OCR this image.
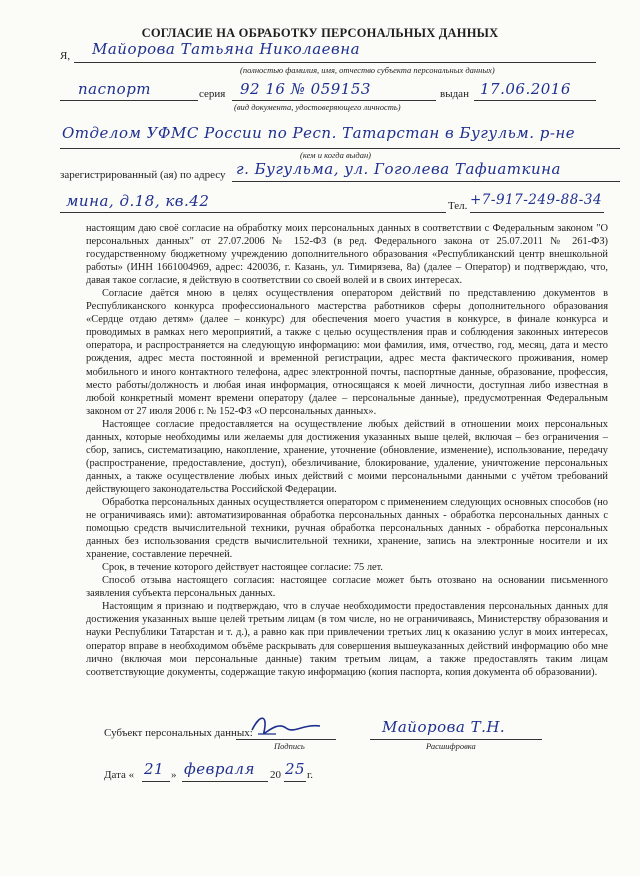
СОГЛАСИЕ НА ОБРАБОТКУ ПЕРСОНАЛЬНЫХ ДАННЫХ
Я, Майорова Татьяна Николаевна
(полностью фамилия, имя, отчество субъекта персональных данных)
паспорт	серия 92 16 № 059153	выдан 17.06.2016
(вид документа, удостоверяющего личность)
Отделом УФМС России по Респ. Татарстан в Бугульм. р-не
(кем и когда выдан)
зарегистрированный (ая) по адресу г. Бугульма, ул. Гоголева Тафиаткина
мина, д.18, кв.42	Тел. +7-917-249-88-34

настоящим даю своё согласие на обработку моих персональных данных в соответствии с Федеральным законом "О персональных данных" от 27.07.2006 № 152-ФЗ (в ред. Федерального закона от 25.07.2011 № 261-ФЗ) государственному бюджетному учреждению дополнительного образования «Республиканский центр внешкольной работы» (ИНН 1661004969, адрес: 420036, г. Казань, ул. Тимирязева, 8а) (далее – Оператор) и подтверждаю, что, давая такое согласие, я действую в соответствии со своей волей и в своих интересах.

Согласие даётся мною в целях осуществления оператором действий по представлению документов в Республиканского конкурса профессионального мастерства работников сферы дополнительного образования «Сердце отдаю детям» (далее – конкурс) для обеспечения моего участия в конкурсе, в финале конкурса и проводимых в рамках него мероприятий, а также с целью осуществления прав и соблюдения законных интересов оператора, и распространяется на следующую информацию: мои фамилия, имя, отчество, год, месяц, дата и место рождения, адрес места постоянной и временной регистрации, адрес места фактического проживания, номер мобильного и иного контактного телефона, адрес электронной почты, паспортные данные, образование, профессия, место работы/должность и любая иная информация, относящаяся к моей личности, доступная либо известная в любой конкретный момент времени оператору (далее – персональные данные), предусмотренная Федеральным законом от 27 июля 2006 г. № 152-ФЗ «О персональных данных».

Настоящее согласие предоставляется на осуществление любых действий в отношении моих персональных данных, которые необходимы или желаемы для достижения указанных выше целей, включая – без ограничения – сбор, запись, систематизацию, накопление, хранение, уточнение (обновление, изменение), использование, передачу (распространение, предоставление, доступ), обезличивание, блокирование, удаление, уничтожение персональных данных, а также осуществление любых иных действий с моими персональными данными с учётом требований действующего законодательства Российской Федерации.

Обработка персональных данных осуществляется оператором с применением следующих основных способов (но не ограничиваясь ими): автоматизированная обработка персональных данных - обработка персональных данных с помощью средств вычислительной техники, ручная обработка персональных данных - обработка персональных данных без использования средств вычислительной техники, хранение, запись на электронные носители и их хранение, составление перечней.

Срок, в течение которого действует настоящее согласие: 75 лет.

Способ отзыва настоящего согласия: настоящее согласие может быть отозвано на основании письменного заявления субъекта персональных данных.

Настоящим я признаю и подтверждаю, что в случае необходимости предоставления персональных данных для достижения указанных выше целей третьим лицам (в том числе, но не ограничиваясь, Министерству образования и науки Республики Татарстан и т. д.), а равно как при привлечении третьих лиц к оказанию услуг в моих интересах, оператор вправе в необходимом объёме раскрывать для совершения вышеуказанных действий информацию обо мне лично (включая мои персональные данные) таким третьим лицам, а также предоставлять таким лицам соответствующие документы, содержащие такую информацию (копия паспорта, копия документа об образовании).

Субъект персональных данных:
Подпись
Майорова Т.Н.
Расшифровка
Дата « 21 » февраля 20 25 г.
